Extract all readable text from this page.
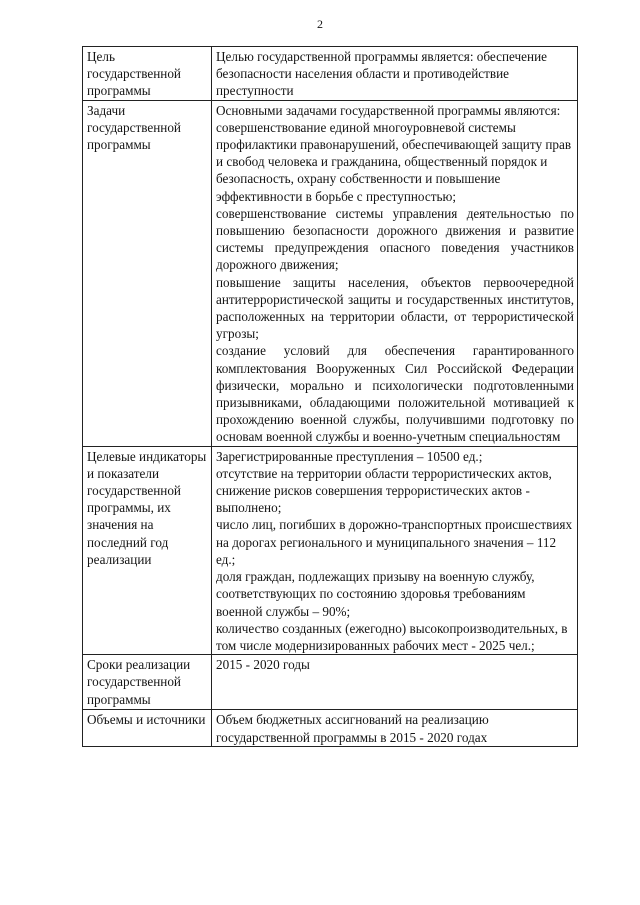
2
Цель государственной программы	Целью государственной программы является: обеспечение безопасности населения области и противодействие преступности

Задачи государственной программы	Основными задачами государственной программы являются:
совершенствование единой многоуровневой системы профилактики правонарушений, обеспечивающей защиту прав и свобод человека и гражданина, общественный порядок и безопасность, охрану собственности и повышение эффективности в борьбе с преступностью;
совершенствование системы управления деятельностью по повышению безопасности дорожного движения и развитие системы предупреждения опасного поведения участников дорожного движения;
повышение защиты населения, объектов первоочередной антитеррористической защиты и государственных институтов, расположенных на территории области, от террористической угрозы;
создание условий для обеспечения гарантированного комплектования Вооруженных Сил Российской Федерации физически, морально и психологически подготовленными призывниками, обладающими положительной мотивацией к прохождению военной службы, получившими подготовку по основам военной службы и военно-учетным специальностям

Целевые индикаторы и показатели государственной программы, их значения на последний год реализации	Зарегистрированные преступления – 10500 ед.;
отсутствие на территории области террористических актов, снижение рисков совершения террористических актов - выполнено;
число лиц, погибших в дорожно-транспортных происшествиях на дорогах регионального и муниципального значения – 112 ед.;
доля граждан, подлежащих призыву на военную службу, соответствующих по состоянию здоровья требованиям военной службы – 90%;
количество созданных (ежегодно) высокопроизводительных, в том числе модернизированных рабочих мест - 2025 чел.;

Сроки реализации государственной программы	2015 - 2020 годы

Объемы и источники	Объем бюджетных ассигнований на реализацию государственной программы в 2015 - 2020 годах
